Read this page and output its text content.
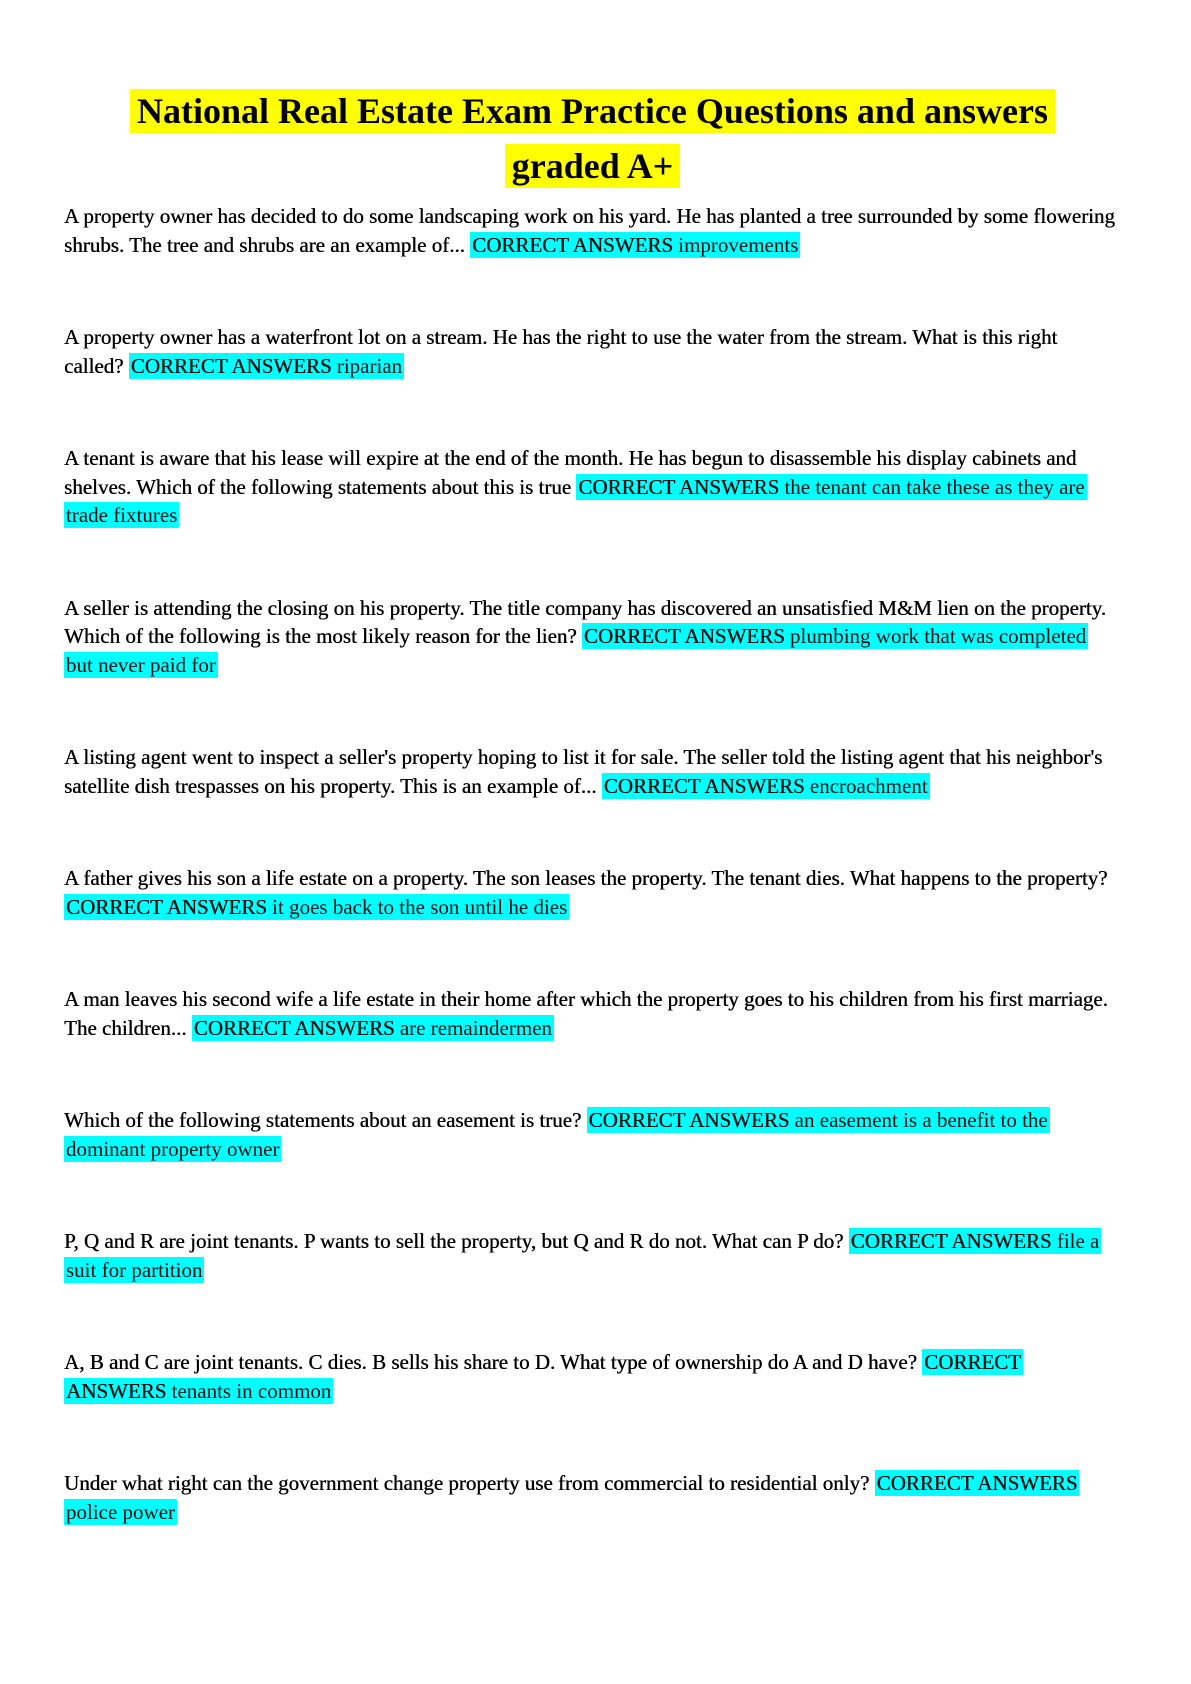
National Real Estate Exam Practice Questions and answers graded A+

A property owner has decided to do some landscaping work on his yard. He has planted a tree surrounded by some flowering shrubs. The tree and shrubs are an example of... CORRECT ANSWERS improvements

A property owner has a waterfront lot on a stream. He has the right to use the water from the stream. What is this right called? CORRECT ANSWERS riparian

A tenant is aware that his lease will expire at the end of the month. He has begun to disassemble his display cabinets and shelves. Which of the following statements about this is true CORRECT ANSWERS the tenant can take these as they are trade fixtures

A seller is attending the closing on his property. The title company has discovered an unsatisfied M&M lien on the property. Which of the following is the most likely reason for the lien? CORRECT ANSWERS plumbing work that was completed but never paid for

A listing agent went to inspect a seller's property hoping to list it for sale. The seller told the listing agent that his neighbor's satellite dish trespasses on his property. This is an example of... CORRECT ANSWERS encroachment

A father gives his son a life estate on a property. The son leases the property. The tenant dies. What happens to the property? CORRECT ANSWERS it goes back to the son until he dies

A man leaves his second wife a life estate in their home after which the property goes to his children from his first marriage. The children... CORRECT ANSWERS are remaindermen

Which of the following statements about an easement is true? CORRECT ANSWERS an easement is a benefit to the dominant property owner

P, Q and R are joint tenants. P wants to sell the property, but Q and R do not. What can P do? CORRECT ANSWERS file a suit for partition

A, B and C are joint tenants. C dies. B sells his share to D. What type of ownership do A and D have? CORRECT ANSWERS tenants in common

Under what right can the government change property use from commercial to residential only? CORRECT ANSWERS police power
